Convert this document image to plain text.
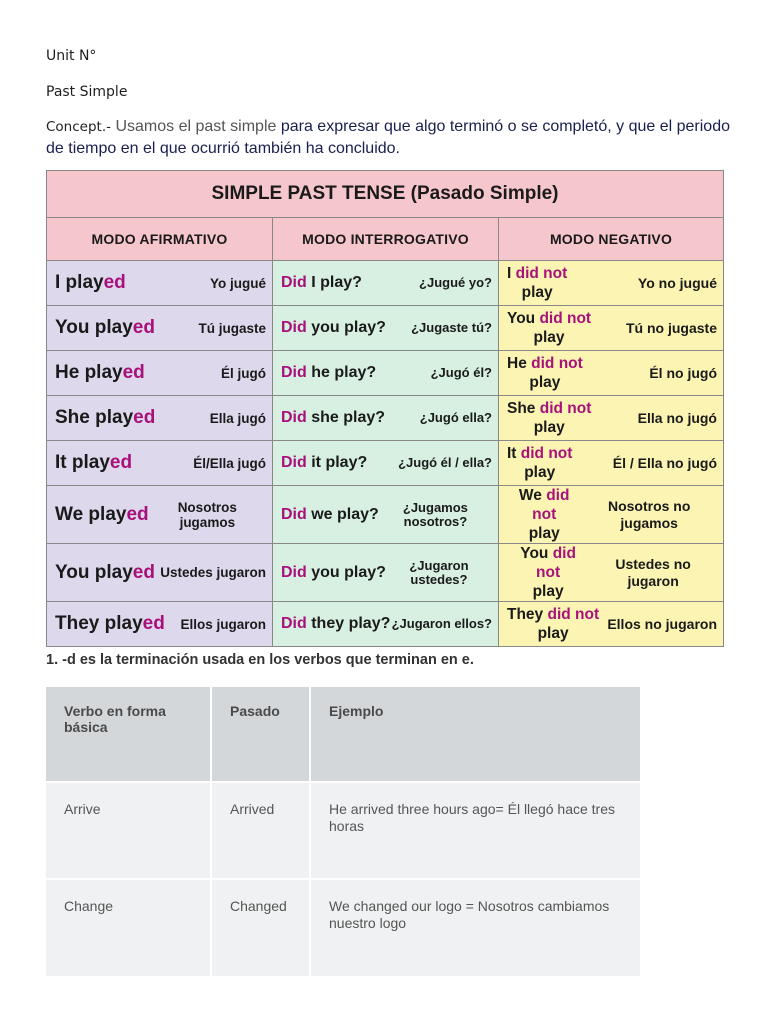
Unit N°
Past Simple
Concept.- Usamos el past simple para expresar que algo terminó o se completó, y que el periodo de tiempo en el que ocurrió también ha concluido.
SIMPLE PAST TENSE (Pasado Simple)		
MODO AFIRMATIVO	MODO INTERROGATIVO	MODO NEGATIVO

I played Yo jugué	Did I play? ¿Jugué yo?	I did not
play
Yo no jugué

You played Tú jugaste	Did you play? ¿Jugaste tú?	You did not
play
Tú no jugaste

He played Él jugó	Did he play? ¿Jugó él?	He did not
play
Él no jugó

She played Ella jugó	Did she play? ¿Jugó ella?	She did not
play
Ella no jugó

It played Él/Ella jugó	Did it play? ¿Jugó él / ella?	It did not
play
Él / Ella no jugó

We played Nosotros jugamos	Did we play? ¿Jugamos nosotros?	We did not
play
Nosotros no jugamos

You played Ustedes jugaron	Did you play? ¿Jugaron ustedes?	You did not
play
Ustedes no jugaron

They played Ellos jugaron	Did they play? ¿Jugaron ellos?	They did not
play
Ellos no jugaron
1. -d es la terminación usada en los verbos que terminan en e.
Verbo en forma básica	Pasado	Ejemplo
Arrive	Arrived	He arrived three hours ago= Él llegó hace tres horas
Change	Changed	We changed our logo = Nosotros cambiamos nuestro logo
